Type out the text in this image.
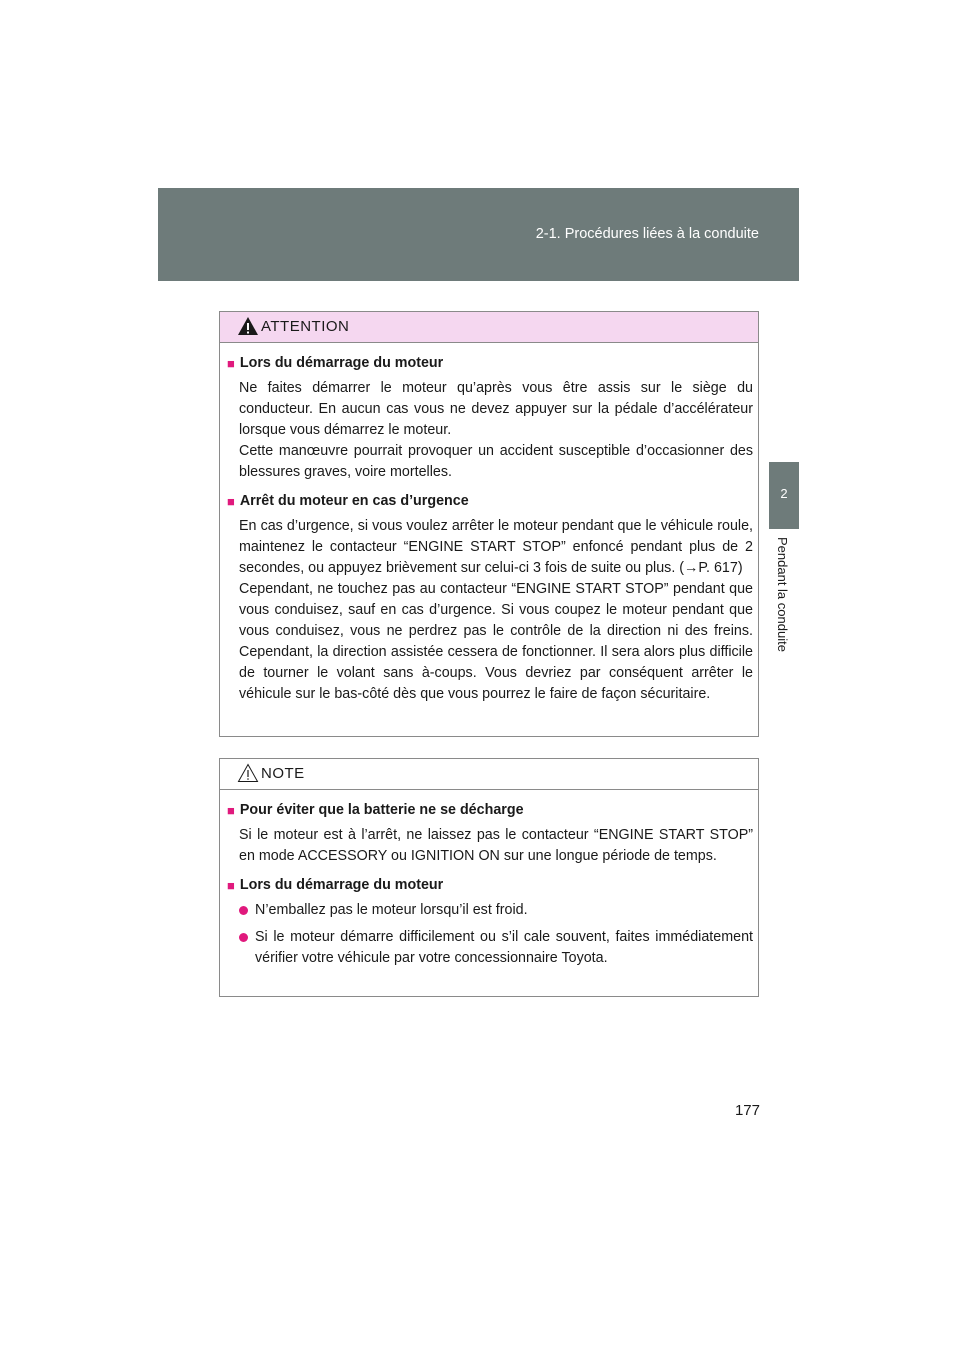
2-1. Procédures liées à la conduite
2
Pendant la conduite
ATTENTION
■ Lors du démarrage du moteur
Ne faites démarrer le moteur qu’après vous être assis sur le siège du conducteur. En aucun cas vous ne devez appuyer sur la pédale d’accélérateur lorsque vous démarrez le moteur.
Cette manœuvre pourrait provoquer un accident susceptible d’occasionner des blessures graves, voire mortelles.
■ Arrêt du moteur en cas d’urgence
En cas d’urgence, si vous voulez arrêter le moteur pendant que le véhicule roule, maintenez le contacteur “ENGINE START STOP” enfoncé pendant plus de 2 secondes, ou appuyez brièvement sur celui-ci 3 fois de suite ou plus. (→P. 617)
Cependant, ne touchez pas au contacteur “ENGINE START STOP” pendant que vous conduisez, sauf en cas d’urgence. Si vous coupez le moteur pendant que vous conduisez, vous ne perdrez pas le contrôle de la direction ni des freins. Cependant, la direction assistée cessera de fonctionner. Il sera alors plus difficile de tourner le volant sans à-coups. Vous devriez par conséquent arrêter le véhicule sur le bas-côté dès que vous pourrez le faire de façon sécuritaire.
NOTE
■ Pour éviter que la batterie ne se décharge
Si le moteur est à l’arrêt, ne laissez pas le contacteur “ENGINE START STOP” en mode ACCESSORY ou IGNITION ON sur une longue période de temps.
■ Lors du démarrage du moteur
N’emballez pas le moteur lorsqu’il est froid.
Si le moteur démarre difficilement ou s’il cale souvent, faites immédiatement vérifier votre véhicule par votre concessionnaire Toyota.
177
